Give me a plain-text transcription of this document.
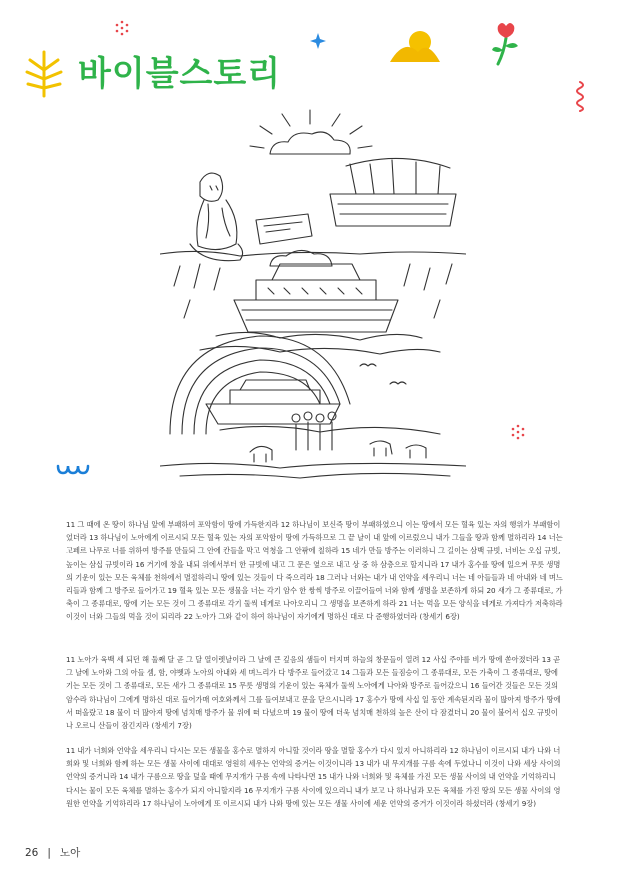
바이블스토리

11 그 때에 온 땅이 하나님 앞에 부패하여 포악함이 땅에 가득한지라 12 하나님이 보신즉 땅이 부패하였으니 이는 땅에서 모든 혈육 있는 자의 행위가 부패함이었더라 13 하나님이 노아에게 이르시되 모든 혈육 있는 자의 포악함이 땅에 가득하므로 그 끝 날이 내 앞에 이르렀으니 내가 그들을 땅과 함께 멸하리라 14 너는 고페르 나무로 너를 위하여 방주를 만들되 그 안에 칸들을 막고 역청을 그 안팎에 칠하라 15 네가 만들 방주는 이러하니 그 길이는 삼백 규빗, 너비는 오십 규빗, 높이는 삼십 규빗이라 16 거기에 창을 내되 위에서부터 한 규빗에 내고 그 문은 옆으로 내고 상 중 하 삼층으로 할지니라 17 내가 홍수를 땅에 일으켜 무릇 생명의 기운이 있는 모든 육체를 천하에서 멸절하리니 땅에 있는 것들이 다 죽으리라 18 그러나 너와는 내가 내 언약을 세우리니 너는 네 아들들과 네 아내와 네 며느리들과 함께 그 방주로 들어가고 19 혈육 있는 모든 생물을 너는 각기 암수 한 쌍씩 방주로 이끌어들여 너와 함께 생명을 보존하게 하되 20 새가 그 종류대로, 가축이 그 종류대로, 땅에 기는 모든 것이 그 종류대로 각기 둘씩 네게로 나아오리니 그 생명을 보존하게 하라 21 너는 먹을 모든 양식을 네게로 가져다가 저축하라 이것이 너와 그들의 먹을 것이 되리라 22 노아가 그와 같이 하여 하나님이 자기에게 명하신 대로 다 준행하였더라 (창세기 6장)

11 노아가 육백 세 되던 해 둘째 달 곧 그 달 열이렛날이라 그 날에 큰 깊음의 샘들이 터지며 하늘의 창문들이 열려 12 사십 주야를 비가 땅에 쏟아졌더라 13 곧 그 날에 노아와 그의 아들 셈, 함, 야벳과 노아의 아내와 세 며느리가 다 방주로 들어갔고 14 그들과 모든 들짐승이 그 종류대로, 모든 가축이 그 종류대로, 땅에 기는 모든 것이 그 종류대로, 모든 새가 그 종류대로 15 무릇 생명의 기운이 있는 육체가 둘씩 노아에게 나아와 방주로 들어갔으니 16 들어간 것들은 모든 것의 암수라 하나님이 그에게 명하신 대로 들어가매 여호와께서 그를 들여보내고 문을 닫으시니라 17 홍수가 땅에 사십 일 동안 계속된지라 물이 많아져 방주가 땅에서 떠올랐고 18 물이 더 많아져 땅에 넘치매 방주가 물 위에 떠 다녔으며 19 물이 땅에 더욱 넘치매 천하의 높은 산이 다 잠겼더니 20 물이 불어서 십오 규빗이나 오르니 산들이 잠긴지라 (창세기 7장)

11 내가 너희와 언약을 세우리니 다시는 모든 생물을 홍수로 멸하지 아니할 것이라 땅을 멸할 홍수가 다시 있지 아니하리라 12 하나님이 이르시되 내가 나와 너희와 및 너희와 함께 하는 모든 생물 사이에 대대로 영원히 세우는 언약의 증거는 이것이니라 13 내가 내 무지개를 구름 속에 두었나니 이것이 나와 세상 사이의 언약의 증거니라 14 내가 구름으로 땅을 덮을 때에 무지개가 구름 속에 나타나면 15 내가 나와 너희와 및 육체를 가진 모든 생물 사이의 내 언약을 기억하리니 다시는 물이 모든 육체를 멸하는 홍수가 되지 아니할지라 16 무지개가 구름 사이에 있으리니 내가 보고 나 하나님과 모든 육체를 가진 땅의 모든 생물 사이의 영원한 언약을 기억하리라 17 하나님이 노아에게 또 이르시되 내가 나와 땅에 있는 모든 생물 사이에 세운 언약의 증거가 이것이라 하셨더라 (창세기 9장)

26 | 노아
